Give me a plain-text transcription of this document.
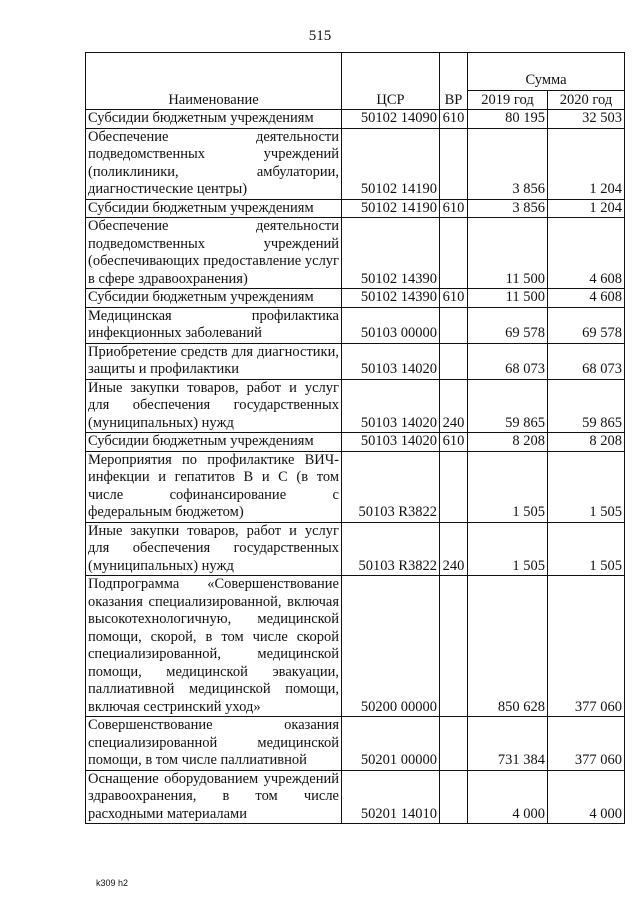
515
Наименование	ЦСР	ВР	Сумма	
			2019 год	2020 год
Субсидии бюджетным учреждениям	50102 14090	610	80 195	32 503
Обеспечение деятельности подведомственных учреждений (поликлиники, амбулатории, диагностические центры)	50102 14190		3 856	1 204
Субсидии бюджетным учреждениям	50102 14190	610	3 856	1 204
Обеспечение деятельности подведомственных учреждений (обеспечивающих предоставление услуг в сфере здравоохранения)	50102 14390		11 500	4 608
Субсидии бюджетным учреждениям	50102 14390	610	11 500	4 608
Медицинская профилактика инфекционных заболеваний	50103 00000		69 578	69 578
Приобретение средств для диагностики, защиты и профилактики	50103 14020		68 073	68 073
Иные закупки товаров, работ и услуг для обеспечения государственных (муниципальных) нужд	50103 14020	240	59 865	59 865
Субсидии бюджетным учреждениям	50103 14020	610	8 208	8 208
Мероприятия по профилактике ВИЧ-инфекции и гепатитов В и С (в том числе софинансирование с федеральным бюджетом)	50103 R3822		1 505	1 505
Иные закупки товаров, работ и услуг для обеспечения государственных (муниципальных) нужд	50103 R3822	240	1 505	1 505
Подпрограмма «Совершенствование оказания специализированной, включая высокотехнологичную, медицинской помощи, скорой, в том числе скорой специализированной, медицинской помощи, медицинской эвакуации, паллиативной медицинской помощи, включая сестринский уход»	50200 00000		850 628	377 060
Совершенствование оказания специализированной медицинской помощи, в том числе паллиативной	50201 00000		731 384	377 060
Оснащение оборудованием учреждений здравоохранения, в том числе расходными материалами	50201 14010		4 000	4 000
k309 h2
